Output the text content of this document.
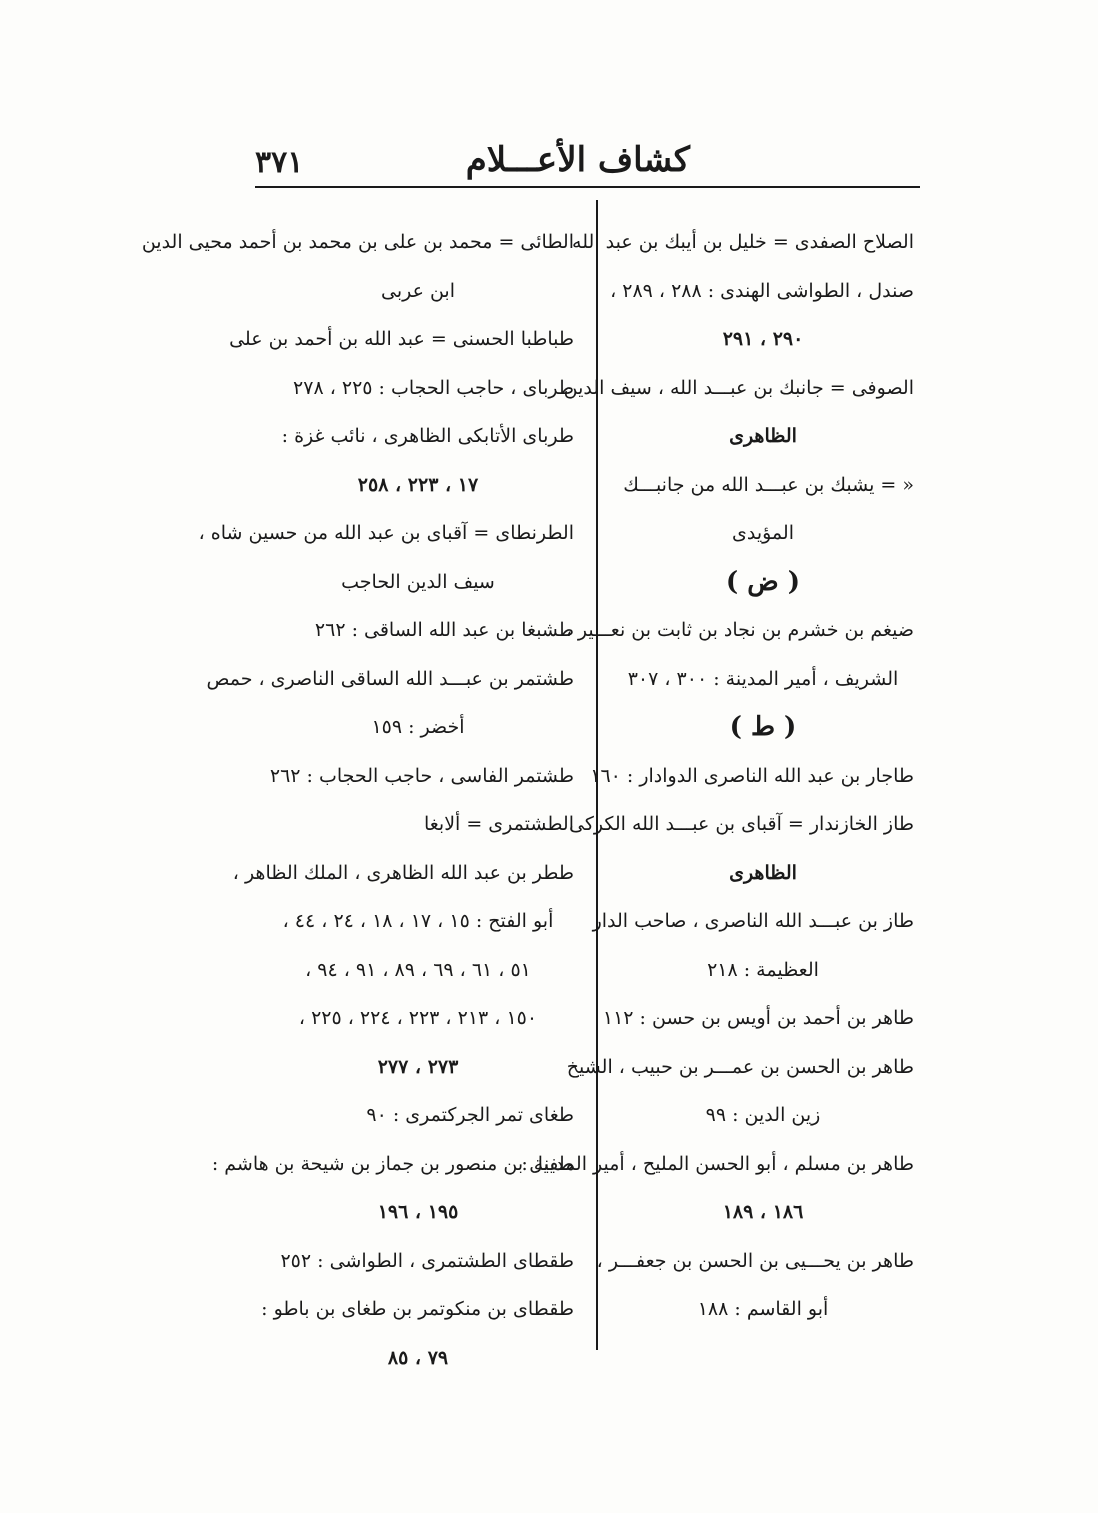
كشاف الأعـــلام
٣٧١
الصلاح الصفدى = خليل بن أيبك بن عبد الله
صندل ، الطواشى الهندى : ٢٨٨ ، ٢٨٩ ،
٢٩٠ ، ٢٩١
الصوفى = جانبك بن عبـــد الله ، سيف الدين
الظاهرى
« = يشبك بن عبـــد الله من جانبـــك
المؤيدى
( ض )
ضيغم بن خشرم بن نجاد بن ثابت بن نعـــير ،
الشريف ، أمير المدينة : ٣٠٠ ، ٣٠٧
( ط )
طاجار بن عبد الله الناصرى الدوادار : ١٦٠
طاز الخازندار = آقباى بن عبـــد الله الكركى
الظاهرى
طاز بن عبـــد الله الناصرى ، صاحب الدار
العظيمة : ٢١٨
طاهر بن أحمد بن أويس بن حسن : ١١٢
طاهر بن الحسن بن عمـــر بن حبيب ، الشيخ
زين الدين : ٩٩
طاهر بن مسلم ، أبو الحسن المليح ، أمير المدينة :
١٨٦ ، ١٨٩
طاهر بن يحـــيى بن الحسن بن جعفـــر ،
أبو القاسم : ١٨٨
الطائى = محمد بن على بن محمد بن أحمد محيى الدين
ابن عربى
طباطبا الحسنى = عبد الله بن أحمد بن على
طرباى ، حاجب الحجاب : ٢٢٥ ، ٢٧٨
طرباى الأتابكى الظاهرى ، نائب غزة :
١٧ ، ٢٢٣ ، ٢٥٨
الطرنطاى = آقباى بن عبد الله من حسين شاه ،
سيف الدين الحاجب
طشبغا بن عبد الله الساقى : ٢٦٢
طشتمر بن عبـــد الله الساقى الناصرى ، حمص
أخضر : ١٥٩
طشتمر الفاسى ، حاجب الحجاب : ٢٦٢
الطشتمرى = ألابغا
ططر بن عبد الله الظاهرى ، الملك الظاهر ،
أبو الفتح : ١٥ ، ١٧ ، ١٨ ، ٢٤ ، ٤٤ ،
٥١ ، ٦١ ، ٦٩ ، ٨٩ ، ٩١ ، ٩٤ ،
١٥٠ ، ٢١٣ ، ٢٢٣ ، ٢٢٤ ، ٢٢٥ ،
٢٧٣ ، ٢٧٧
طغاى تمر الجركتمرى : ٩٠
طفيل بن منصور بن جماز بن شيحة بن هاشم :
١٩٥ ، ١٩٦
طقطاى الطشتمرى ، الطواشى : ٢٥٢
طقطاى بن منكوتمر بن طغاى بن باطو :
٧٩ ، ٨٥
